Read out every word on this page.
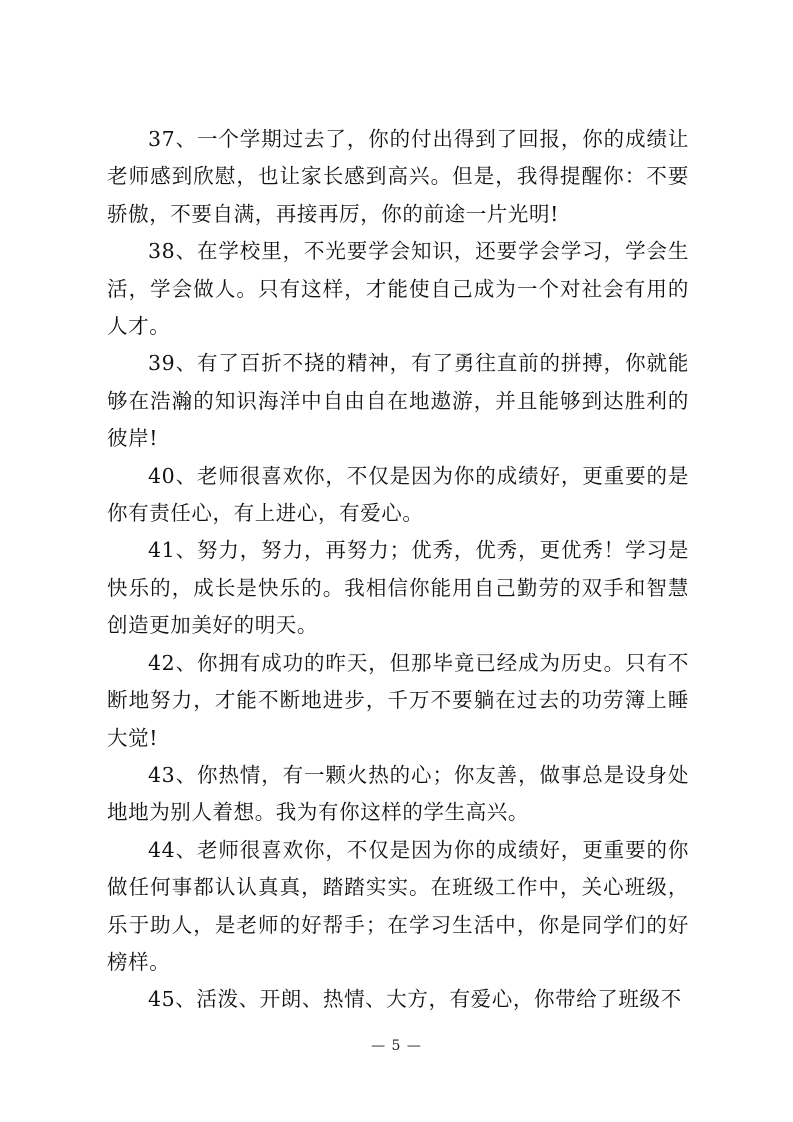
37、一个学期过去了，你的付出得到了回报，你的成绩让老师感到欣慰，也让家长感到高兴。但是，我得提醒你：不要骄傲，不要自满，再接再厉，你的前途一片光明!

38、在学校里，不光要学会知识，还要学会学习，学会生活，学会做人。只有这样，才能使自己成为一个对社会有用的人才。

39、有了百折不挠的精神，有了勇往直前的拼搏，你就能够在浩瀚的知识海洋中自由自在地遨游，并且能够到达胜利的彼岸!

40、老师很喜欢你，不仅是因为你的成绩好，更重要的是你有责任心，有上进心，有爱心。

41、努力，努力，再努力；优秀，优秀，更优秀！学习是快乐的，成长是快乐的。我相信你能用自己勤劳的双手和智慧创造更加美好的明天。

42、你拥有成功的昨天，但那毕竟已经成为历史。只有不断地努力，才能不断地进步，千万不要躺在过去的功劳簿上睡大觉!

43、你热情，有一颗火热的心；你友善，做事总是设身处地地为别人着想。我为有你这样的学生高兴。

44、老师很喜欢你，不仅是因为你的成绩好，更重要的你做任何事都认认真真，踏踏实实。在班级工作中，关心班级，乐于助人，是老师的好帮手；在学习生活中，你是同学们的好榜样。

45、活泼、开朗、热情、大方，有爱心，你带给了班级不

— 5 —
